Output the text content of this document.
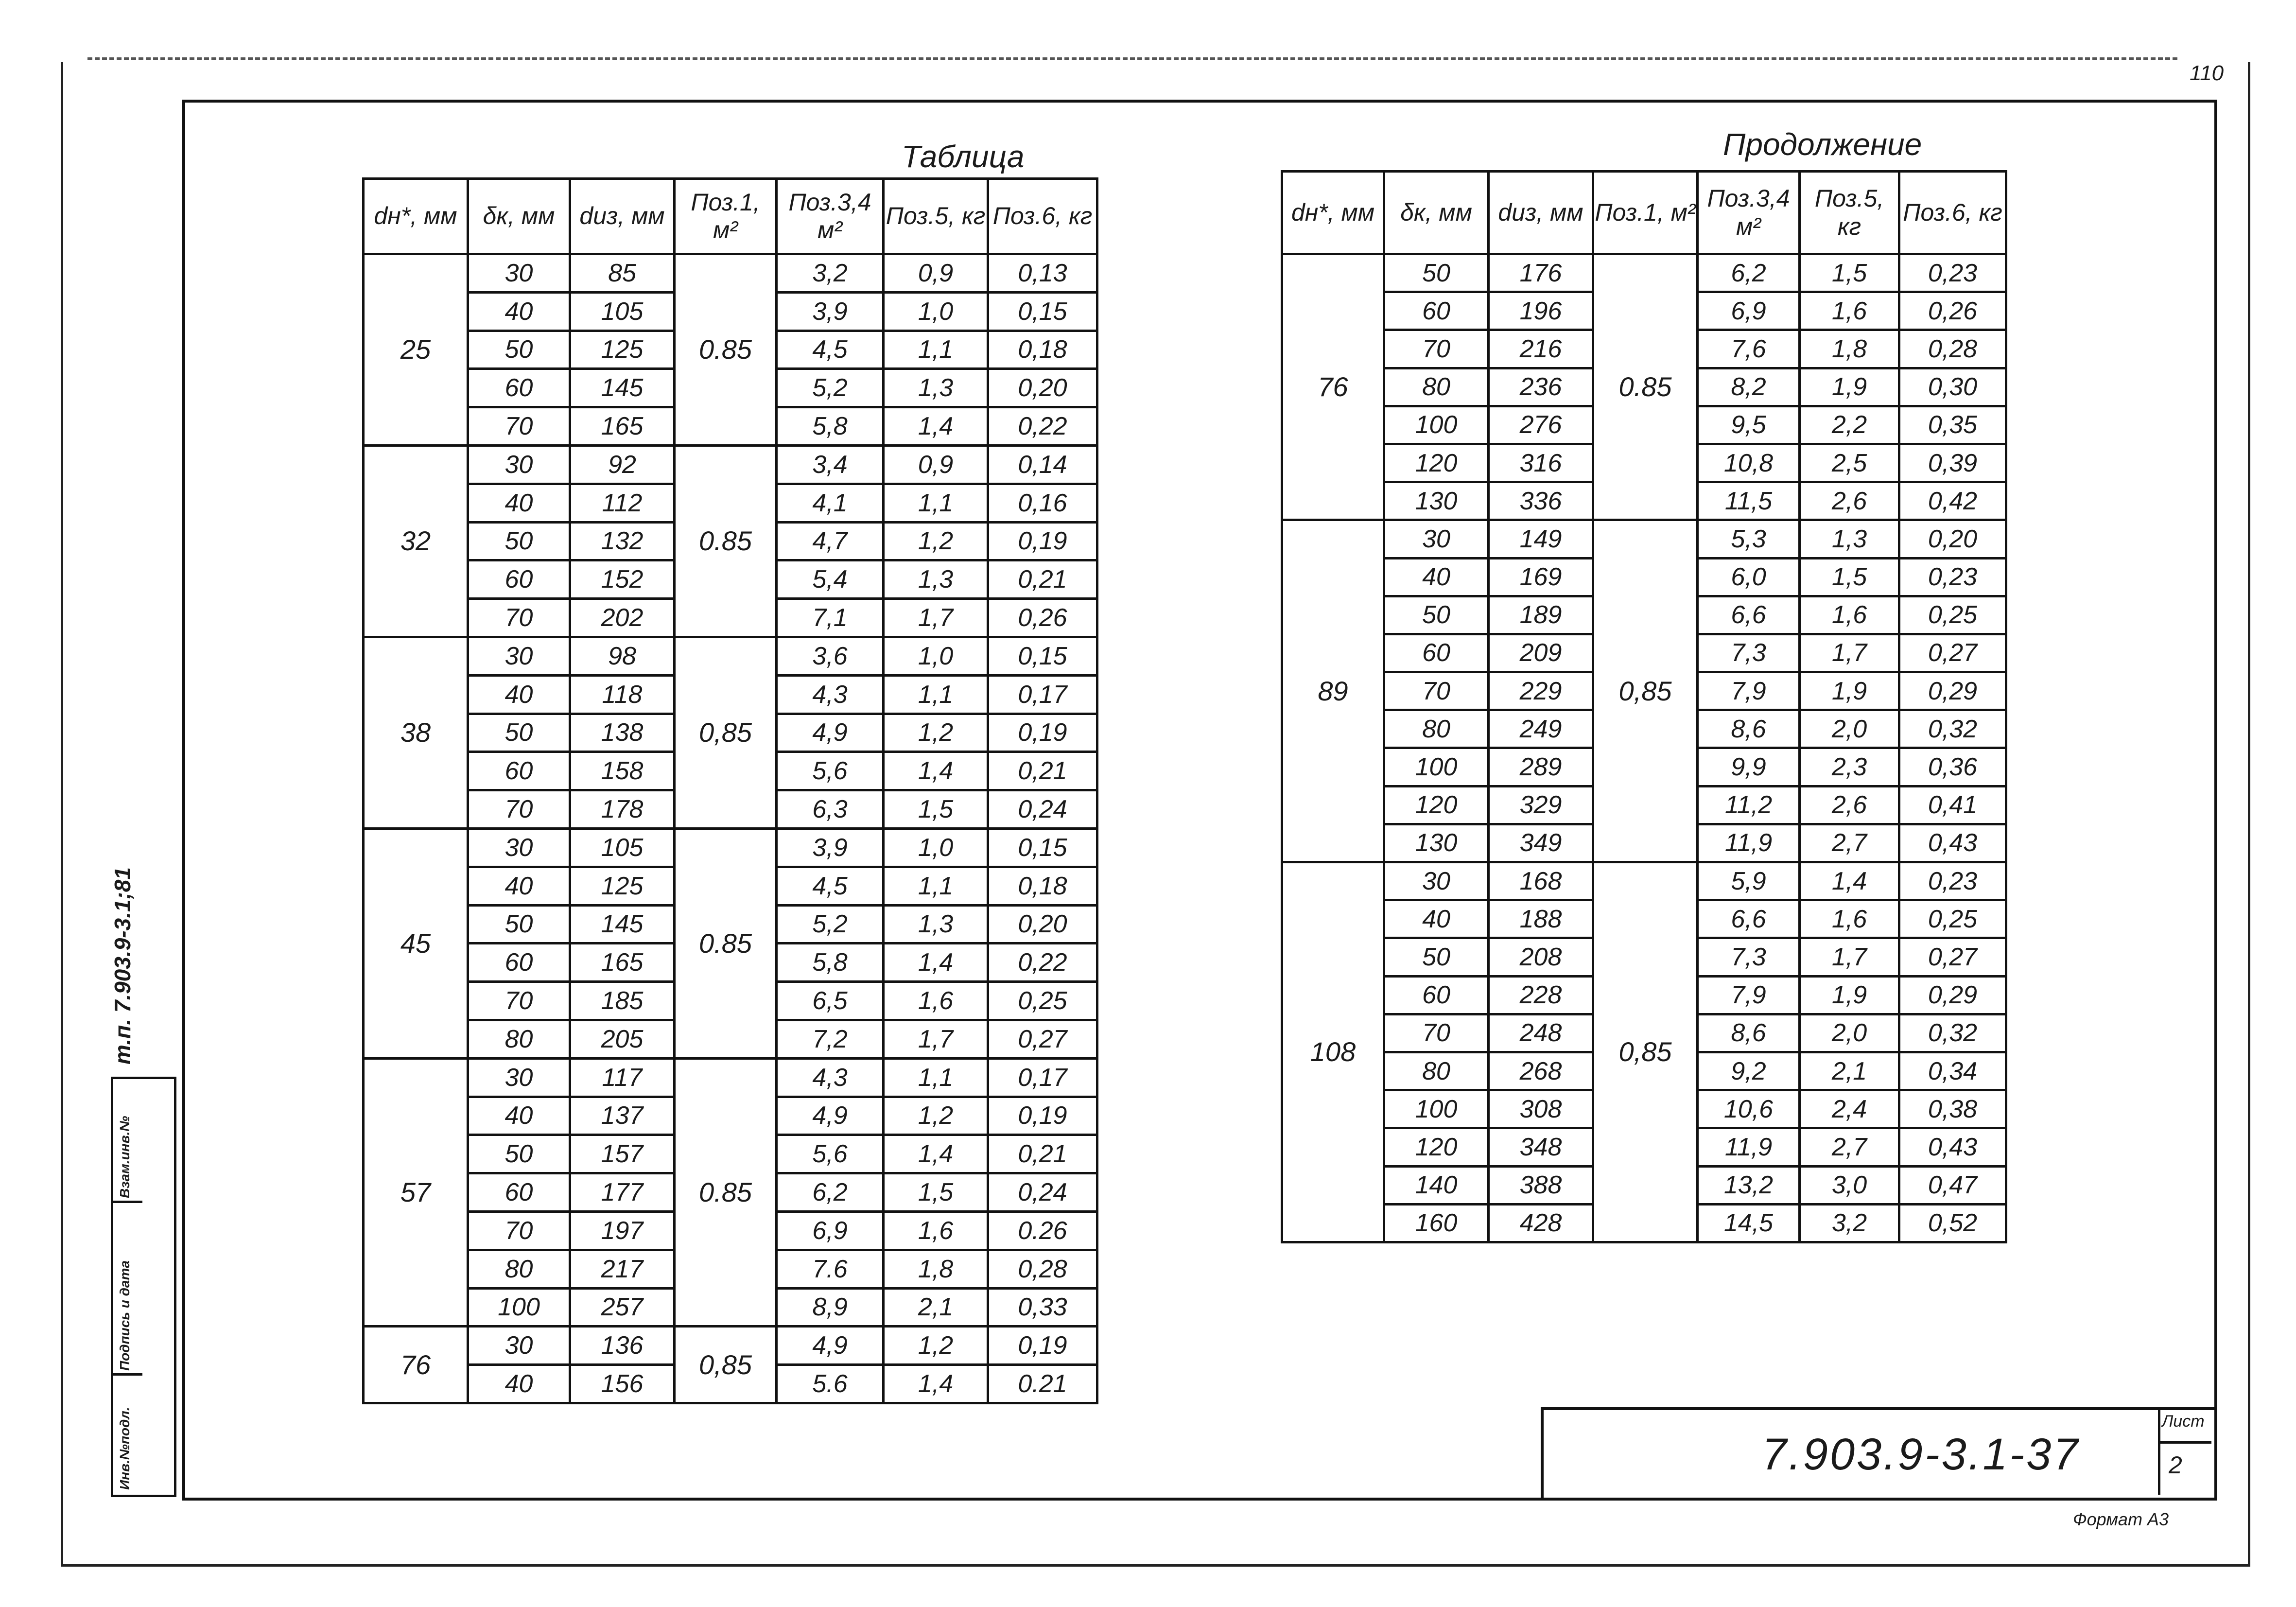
110
Инв.№подл.
Подпись и дата
Взам.инв.№
т.п. 7.903.9-3.1;81
Таблица	Продолжение
dн*, мм	δк, мм	dиз, мм	Поз.1, м²	Поз.3,4 м²	Поз.5, кг	Поз.6, кг
25	30	85	0.85	3,2	0,9	0,13
	40	105		3,9	1,0	0,15
	50	125		4,5	1,1	0,18
	60	145		5,2	1,3	0,20
	70	165		5,8	1,4	0,22
32	30	92	0.85	3,4	0,9	0,14
	40	112		4,1	1,1	0,16
	50	132		4,7	1,2	0,19
	60	152		5,4	1,3	0,21
	70	202		7,1	1,7	0,26
38	30	98	0,85	3,6	1,0	0,15
	40	118		4,3	1,1	0,17
	50	138		4,9	1,2	0,19
	60	158		5,6	1,4	0,21
	70	178		6,3	1,5	0,24
45	30	105	0.85	3,9	1,0	0,15
	40	125		4,5	1,1	0,18
	50	145		5,2	1,3	0,20
	60	165		5,8	1,4	0,22
	70	185		6,5	1,6	0,25
	80	205		7,2	1,7	0,27
57	30	117	0.85	4,3	1,1	0,17
	40	137		4,9	1,2	0,19
	50	157		5,6	1,4	0,21
	60	177		6,2	1,5	0,24
	70	197		6,9	1,6	0.26
	80	217		7.6	1,8	0,28
	100	257		8,9	2,1	0,33
76	30	136	0,85	4,9	1,2	0,19
	40	156		5.6	1,4	0.21
dн*, мм	δк, мм	dиз, мм	Поз.1, м²	Поз.3,4 м²	Поз.5, кг	Поз.6, кг
76	50	176	0.85	6,2	1,5	0,23
	60	196		6,9	1,6	0,26
	70	216		7,6	1,8	0,28
	80	236		8,2	1,9	0,30
	100	276		9,5	2,2	0,35
	120	316		10,8	2,5	0,39
	130	336		11,5	2,6	0,42
89	30	149	0,85	5,3	1,3	0,20
	40	169		6,0	1,5	0,23
	50	189		6,6	1,6	0,25
	60	209		7,3	1,7	0,27
	70	229		7,9	1,9	0,29
	80	249		8,6	2,0	0,32
	100	289		9,9	2,3	0,36
	120	329		11,2	2,6	0,41
	130	349		11,9	2,7	0,43
108	30	168	0,85	5,9	1,4	0,23
	40	188		6,6	1,6	0,25
	50	208		7,3	1,7	0,27
	60	228		7,9	1,9	0,29
	70	248		8,6	2,0	0,32
	80	268		9,2	2,1	0,34
	100	308		10,6	2,4	0,38
	120	348		11,9	2,7	0,43
	140	388		13,2	3,0	0,47
	160	428		14,5	3,2	0,52
7.903.9-3.1-37
Лист
2
Формат А3
